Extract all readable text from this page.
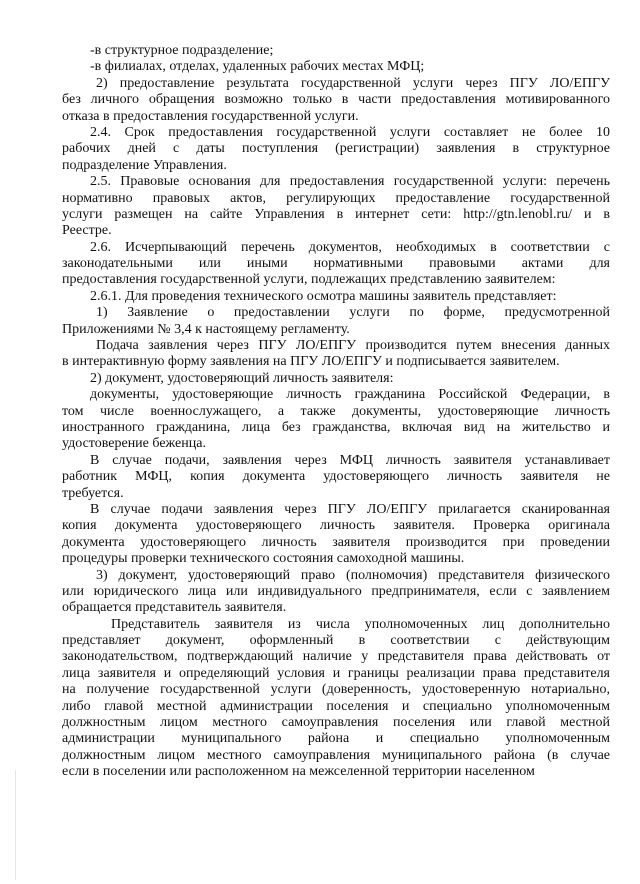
-в структурное подразделение;
-в филиалах, отделах, удаленных рабочих местах МФЦ;
2) предоставление результата государственной услуги через ПГУ ЛО/ЕПГУ
без личного обращения возможно только в части предоставления мотивированного
отказа в предоставления государственной услуги.
2.4. Срок предоставления государственной услуги составляет не более 10
рабочих дней с даты поступления (регистрации) заявления в структурное
подразделение Управления.
2.5. Правовые основания для предоставления государственной услуги: перечень
нормативно правовых актов, регулирующих предоставление государственной
услуги размещен на сайте Управления в интернет сети: http://gtn.lenobl.ru/ и в
Реестре.
2.6. Исчерпывающий перечень документов, необходимых в соответствии с
законодательными или иными нормативными правовыми актами для
предоставления государственной услуги, подлежащих представлению заявителем:
2.6.1. Для проведения технического осмотра машины заявитель представляет:
1) Заявление о предоставлении услуги по форме, предусмотренной
Приложениями № 3,4 к настоящему регламенту.
Подача заявления через ПГУ ЛО/ЕПГУ производится путем внесения данных
в интерактивную форму заявления на ПГУ ЛО/ЕПГУ и подписывается заявителем.
2) документ, удостоверяющий личность заявителя:
документы, удостоверяющие личность гражданина Российской Федерации, в
том числе военнослужащего, а также документы, удостоверяющие личность
иностранного гражданина, лица без гражданства, включая вид на жительство и
удостоверение беженца.
В случае подачи, заявления через МФЦ личность заявителя устанавливает
работник МФЦ, копия документа удостоверяющего личность заявителя не
требуется.
В случае подачи заявления через ПГУ ЛО/ЕПГУ прилагается сканированная
копия документа удостоверяющего личность заявителя. Проверка оригинала
документа удостоверяющего личность заявителя производится при проведении
процедуры проверки технического состояния самоходной машины.
3) документ, удостоверяющий право (полномочия) представителя физического
или юридического лица или индивидуального предпринимателя, если с заявлением
обращается представитель заявителя.
Представитель заявителя из числа уполномоченных лиц дополнительно
представляет документ, оформленный в соответствии с действующим
законодательством, подтверждающий наличие у представителя права действовать от
лица заявителя и определяющий условия и границы реализации права представителя
на получение государственной услуги (доверенность, удостоверенную нотариально,
либо главой местной администрации поселения и специально уполномоченным
должностным лицом местного самоуправления поселения или главой местной
администрации муниципального района и специально уполномоченным
должностным лицом местного самоуправления муниципального района (в случае
если в поселении или расположенном на межселенной территории населенном
